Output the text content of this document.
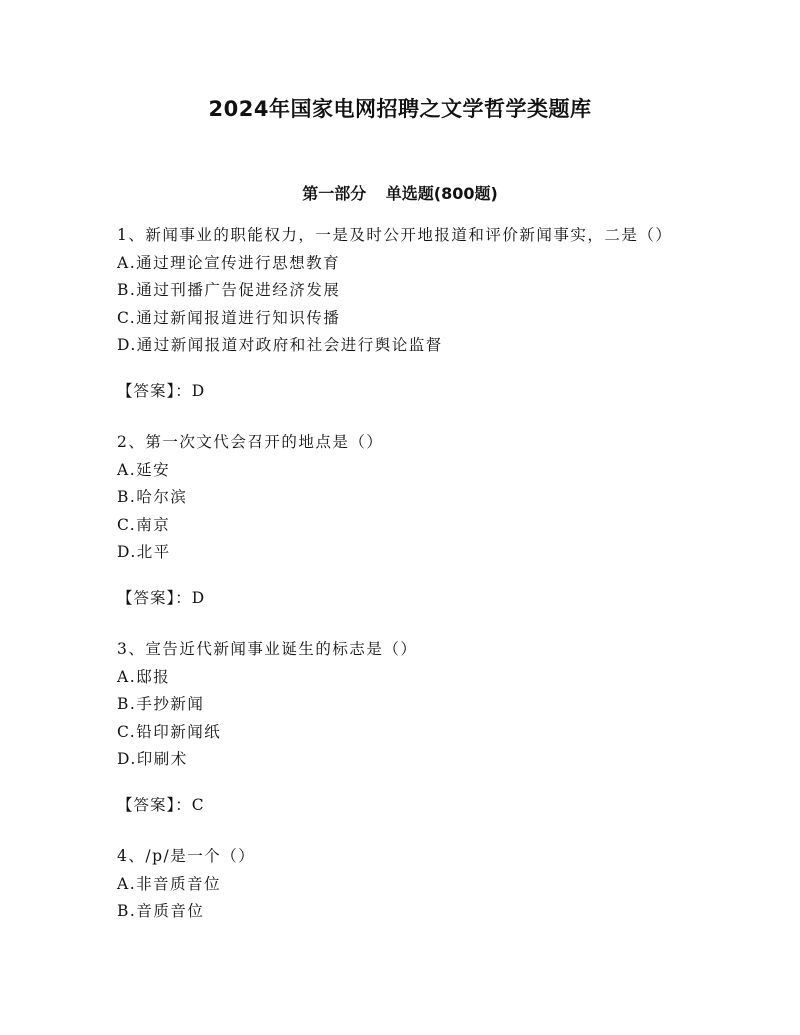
2024年国家电网招聘之文学哲学类题库
第一部分 单选题(800题)

1、新闻事业的职能权力，一是及时公开地报道和评价新闻事实，二是（）

A.通过理论宣传进行思想教育
B.通过刊播广告促进经济发展
C.通过新闻报道进行知识传播
D.通过新闻报道对政府和社会进行舆论监督
【答案】：D

2、第一次文代会召开的地点是（）

A.延安
B.哈尔滨
C.南京
D.北平
【答案】：D

3、宣告近代新闻事业诞生的标志是（）

A.邸报
B.手抄新闻
C.铅印新闻纸
D.印刷术
【答案】：C

4、/p/是一个（）

A.非音质音位
B.音质音位
